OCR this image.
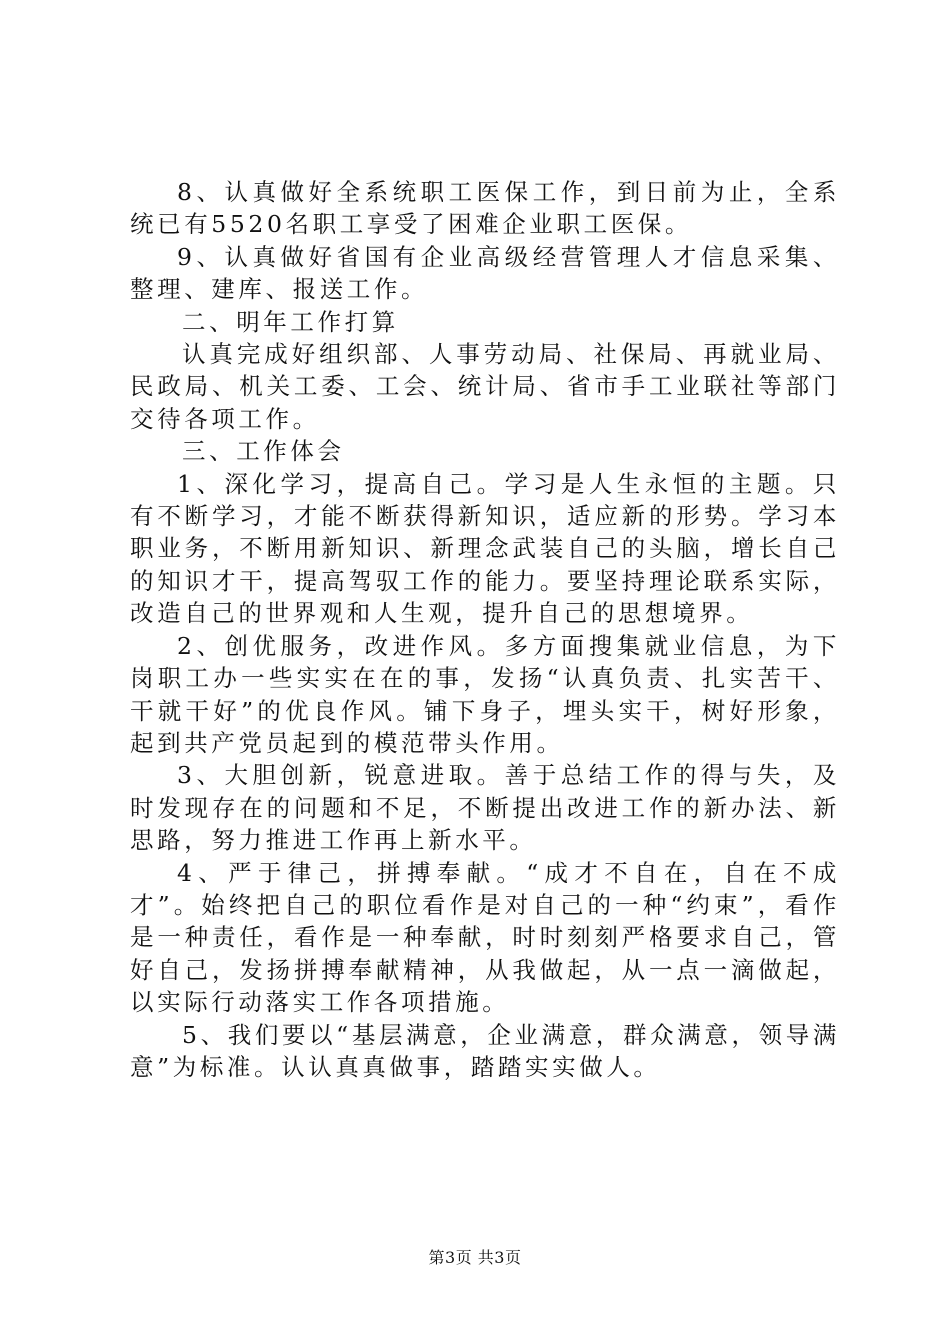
8、认真做好全系统职工医保工作，到日前为止，全系统已有5520名职工享受了困难企业职工医保。

9、认真做好省国有企业高级经营管理人才信息采集、整理、建库、报送工作。

二、明年工作打算

认真完成好组织部、人事劳动局、社保局、再就业局、民政局、机关工委、工会、统计局、省市手工业联社等部门交待各项工作。

三、工作体会

1、深化学习，提高自己。学习是人生永恒的主题。只有不断学习，才能不断获得新知识，适应新的形势。学习本职业务，不断用新知识、新理念武装自己的头脑，增长自己的知识才干，提高驾驭工作的能力。要坚持理论联系实际，改造自己的世界观和人生观，提升自己的思想境界。

2、创优服务，改进作风。多方面搜集就业信息，为下岗职工办一些实实在在的事，发扬“认真负责、扎实苦干、干就干好”的优良作风。铺下身子，埋头实干，树好形象，起到共产党员起到的模范带头作用。

3、大胆创新，锐意进取。善于总结工作的得与失，及时发现存在的问题和不足，不断提出改进工作的新办法、新思路，努力推进工作再上新水平。

4、严于律己，拼搏奉献。“成才不自在，自在不成才”。始终把自己的职位看作是对自己的一种“约束”，看作是一种责任，看作是一种奉献，时时刻刻严格要求自己，管好自己，发扬拼搏奉献精神，从我做起，从一点一滴做起，以实际行动落实工作各项措施。

5、我们要以“基层满意，企业满意，群众满意，领导满意”为标准。认认真真做事，踏踏实实做人。

第3页 共3页
